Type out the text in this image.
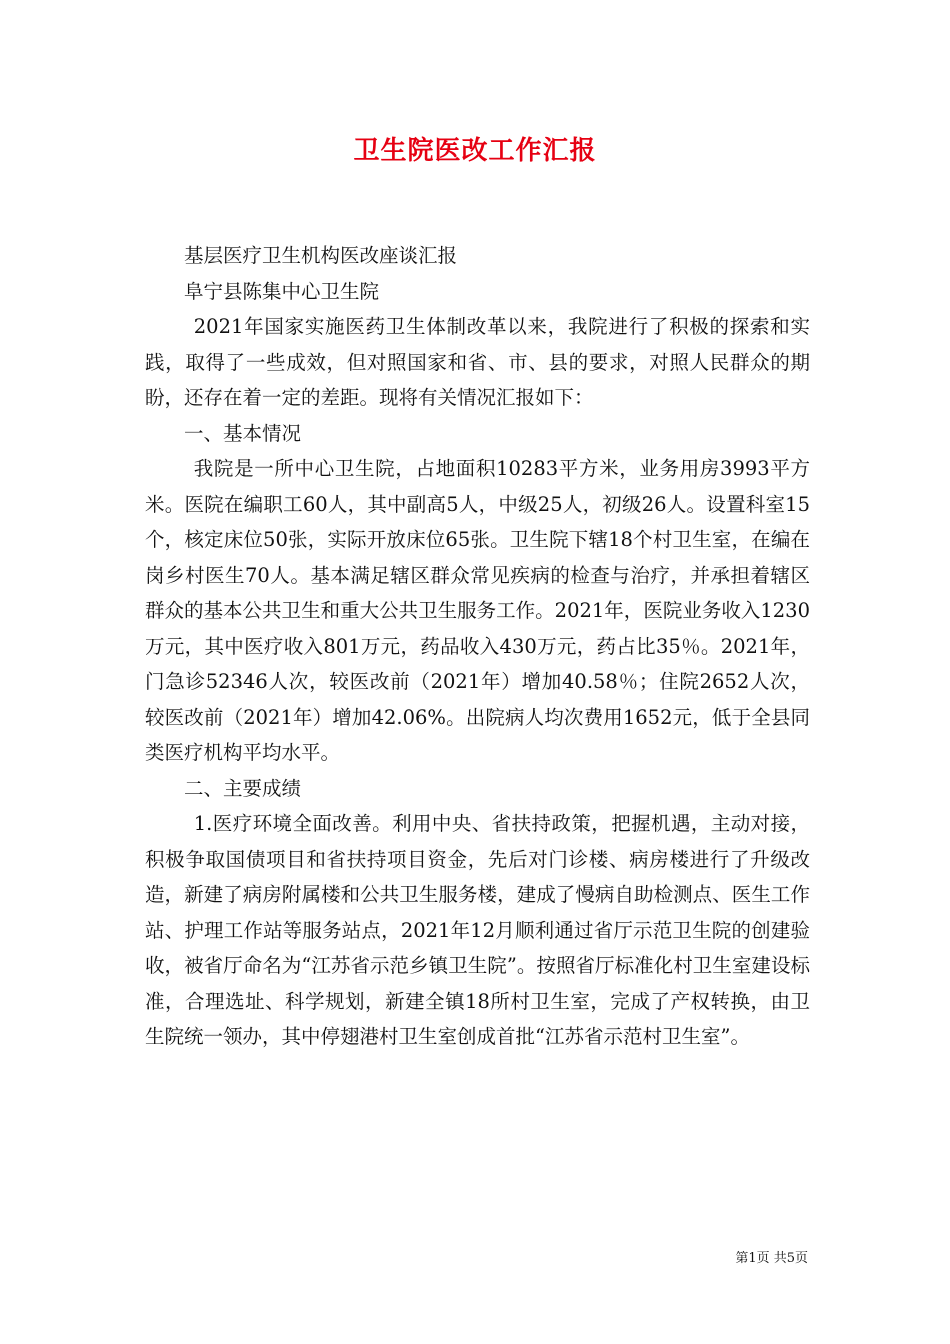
卫生院医改工作汇报

基层医疗卫生机构医改座谈汇报

阜宁县陈集中心卫生院

2021年国家实施医药卫生体制改革以来，我院进行了积极的探索和实践，取得了一些成效，但对照国家和省、市、县的要求，对照人民群众的期盼，还存在着一定的差距。现将有关情况汇报如下：

一、基本情况

我院是一所中心卫生院，占地面积10283平方米，业务用房3993平方米。医院在编职工60人，其中副高5人，中级25人，初级26人。设置科室15个，核定床位50张，实际开放床位65张。卫生院下辖18个村卫生室，在编在岗乡村医生70人。基本满足辖区群众常见疾病的检查与治疗，并承担着辖区群众的基本公共卫生和重大公共卫生服务工作。2021年，医院业务收入1230万元，其中医疗收入801万元，药品收入430万元，药占比35％。2021年，门急诊52346人次，较医改前（2021年）增加40.58％；住院2652人次，较医改前（2021年）增加42.06%。出院病人均次费用1652元，低于全县同类医疗机构平均水平。

二、主要成绩

1.医疗环境全面改善。利用中央、省扶持政策，把握机遇，主动对接，积极争取国债项目和省扶持项目资金，先后对门诊楼、病房楼进行了升级改造，新建了病房附属楼和公共卫生服务楼，建成了慢病自助检测点、医生工作站、护理工作站等服务站点，2021年12月顺利通过省厅示范卫生院的创建验收，被省厅命名为“江苏省示范乡镇卫生院”。按照省厅标准化村卫生室建设标准，合理选址、科学规划，新建全镇18所村卫生室，完成了产权转换，由卫生院统一领办，其中停翅港村卫生室创成首批“江苏省示范村卫生室”。

第1页 共5页
